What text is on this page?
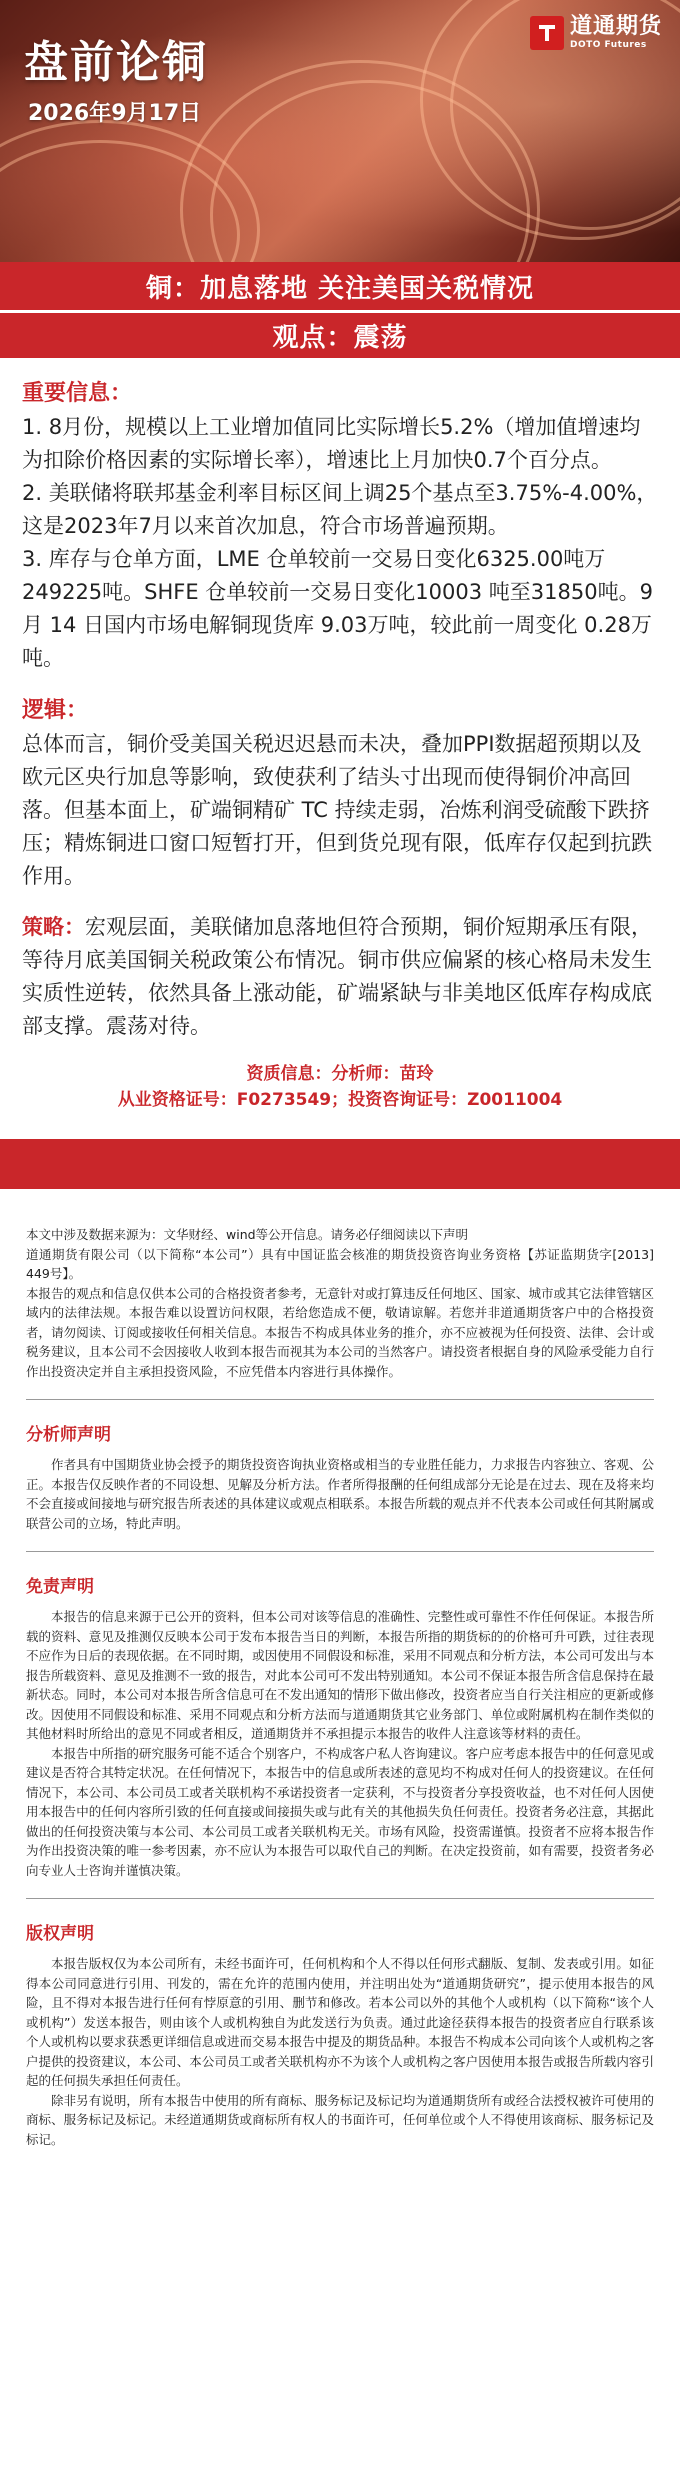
盘前论铜
2026年9月17日
道通期货
DOTO Futures
铜：加息落地 关注美国关税情况
观点：震荡
重要信息：
1. 8月份，规模以上工业增加值同比实际增长5.2%（增加值增速均为扣除价格因素的实际增长率），增速比上月加快0.7个百分点。
2. 美联储将联邦基金利率目标区间上调25个基点至3.75%-4.00%，这是2023年7月以来首次加息，符合市场普遍预期。
3. 库存与仓单方面，LME 仓单较前一交易日变化6325.00吨万249225吨。SHFE 仓单较前一交易日变化10003 吨至31850吨。9月 14 日国内市场电解铜现货库 9.03万吨，较此前一周变化 0.28万吨。
逻辑：
总体而言，铜价受美国关税迟迟悬而未决，叠加PPI数据超预期以及欧元区央行加息等影响，致使获利了结头寸出现而使得铜价冲高回落。但基本面上，矿端铜精矿 TC 持续走弱，冶炼利润受硫酸下跌挤压；精炼铜进口窗口短暂打开，但到货兑现有限，低库存仅起到抗跌作用。
策略：宏观层面，美联储加息落地但符合预期，铜价短期承压有限，等待月底美国铜关税政策公布情况。铜市供应偏紧的核心格局未发生实质性逆转，依然具备上涨动能，矿端紧缺与非美地区低库存构成底部支撑。震荡对待。
资质信息：分析师：苗玲
从业资格证号：F0273549；投资咨询证号：Z0011004

本文中涉及数据来源为：文华财经、wind等公开信息。请务必仔细阅读以下声明

道通期货有限公司（以下简称“本公司”）具有中国证监会核准的期货投资咨询业务资格【苏证监期货字[2013] 449号】。

本报告的观点和信息仅供本公司的合格投资者参考，无意针对或打算违反任何地区、国家、城市或其它法律管辖区域内的法律法规。本报告难以设置访问权限，若给您造成不便，敬请谅解。若您并非道通期货客户中的合格投资者，请勿阅读、订阅或接收任何相关信息。本报告不构成具体业务的推介，亦不应被视为任何投资、法律、会计或税务建议，且本公司不会因接收人收到本报告而视其为本公司的当然客户。请投资者根据自身的风险承受能力自行作出投资决定并自主承担投资风险，不应凭借本内容进行具体操作。

分析师声明

作者具有中国期货业协会授予的期货投资咨询执业资格或相当的专业胜任能力，力求报告内容独立、客观、公正。本报告仅反映作者的不同设想、见解及分析方法。作者所得报酬的任何组成部分无论是在过去、现在及将来均不会直接或间接地与研究报告所表述的具体建议或观点相联系。本报告所载的观点并不代表本公司或任何其附属或联营公司的立场，特此声明。

免责声明

本报告的信息来源于已公开的资料，但本公司对该等信息的准确性、完整性或可靠性不作任何保证。本报告所载的资料、意见及推测仅反映本公司于发布本报告当日的判断，本报告所指的期货标的的价格可升可跌，过往表现不应作为日后的表现依据。在不同时期，或因使用不同假设和标准，采用不同观点和分析方法，本公司可发出与本报告所载资料、意见及推测不一致的报告，对此本公司可不发出特别通知。本公司不保证本报告所含信息保持在最新状态。同时，本公司对本报告所含信息可在不发出通知的情形下做出修改，投资者应当自行关注相应的更新或修改。因使用不同假设和标准、采用不同观点和分析方法而与道通期货其它业务部门、单位或附属机构在制作类似的其他材料时所给出的意见不同或者相反，道通期货并不承担提示本报告的收件人注意该等材料的责任。

本报告中所指的研究服务可能不适合个别客户，不构成客户私人咨询建议。客户应考虑本报告中的任何意见或建议是否符合其特定状况。在任何情况下，本报告中的信息或所表述的意见均不构成对任何人的投资建议。在任何情况下，本公司、本公司员工或者关联机构不承诺投资者一定获利，不与投资者分享投资收益，也不对任何人因使用本报告中的任何内容所引致的任何直接或间接损失或与此有关的其他损失负任何责任。投资者务必注意，其据此做出的任何投资决策与本公司、本公司员工或者关联机构无关。市场有风险，投资需谨慎。投资者不应将本报告作为作出投资决策的唯一参考因素，亦不应认为本报告可以取代自己的判断。在决定投资前，如有需要，投资者务必向专业人士咨询并谨慎决策。

版权声明

本报告版权仅为本公司所有，未经书面许可，任何机构和个人不得以任何形式翻版、复制、发表或引用。如征得本公司同意进行引用、刊发的，需在允许的范围内使用，并注明出处为“道通期货研究”，提示使用本报告的风险，且不得对本报告进行任何有悖原意的引用、删节和修改。若本公司以外的其他个人或机构（以下简称“该个人或机构”）发送本报告，则由该个人或机构独自为此发送行为负责。通过此途径获得本报告的投资者应自行联系该个人或机构以要求获悉更详细信息或进而交易本报告中提及的期货品种。本报告不构成本公司向该个人或机构之客户提供的投资建议，本公司、本公司员工或者关联机构亦不为该个人或机构之客户因使用本报告或报告所载内容引起的任何损失承担任何责任。

除非另有说明，所有本报告中使用的所有商标、服务标记及标记均为道通期货所有或经合法授权被许可使用的商标、服务标记及标记。未经道通期货或商标所有权人的书面许可，任何单位或个人不得使用该商标、服务标记及标记。
